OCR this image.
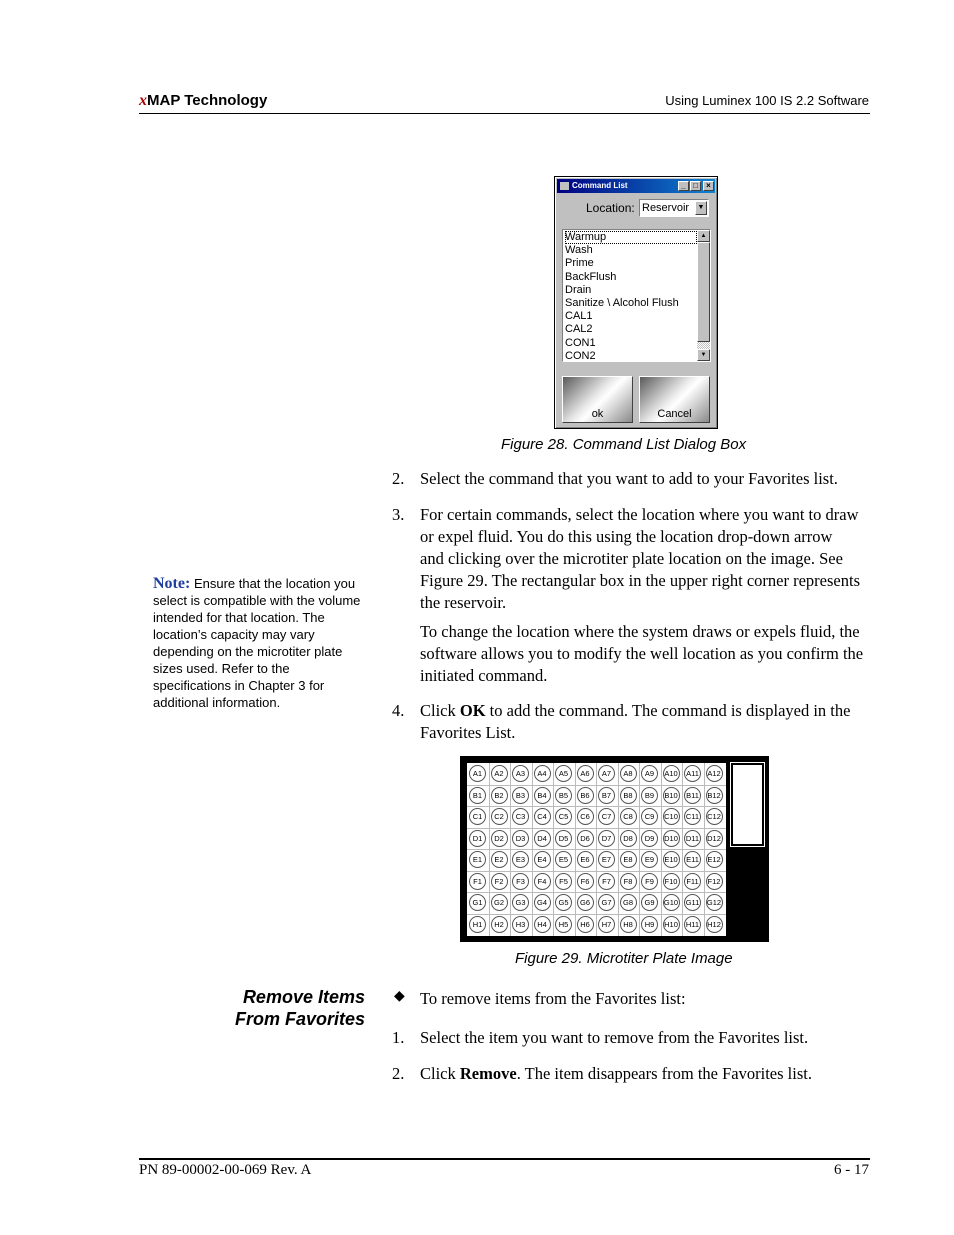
xMAP Technology	Using Luminex 100 IS 2.2 Software
Command List	_ □	×
Location: Reservoir	▼
Warmup
Wash
Prime
BackFlush
Drain
Sanitize \ Alcohol Flush
CAL1
CAL2
CON1
CON2
▲
▼
ok	Cancel
Figure 28. Command List Dialog Box
2. Select the command that you want to add to your Favorites list.
3. For certain commands, select the location where you want to draw or expel fluid. You do this using the location drop-down arrow and clicking over the microtiter plate location on the image. See Figure 29. The rectangular box in the upper right corner represents the reservoir.
To change the location where the system draws or expels fluid, the software allows you to modify the well location as you confirm the initiated command.
Note: Ensure that the location you select is compatible with the volume intended for that location. The location’s capacity may vary depending on the microtiter plate sizes used. Refer to the specifications in Chapter 3 for additional information.	4. Click OK to add the command. The command is displayed in the Favorites List.
A1	A2	A3	A4	A5	A6	A7	A8	A9	A10 A11 A12
B1	B2	B3	B4	B5	B6	B7	B8	B9	B10 B11 B12
C1	C2	C3	C4	C5	C6	C7	C8	C9	C10 C11 C12
D1	D2	D3	D4	D5	D6	D7	D8	D9	D10 D11 D12
E1	E2	E3	E4	E5	E6	E7	E8	E9	E10 E11 E12
F1	F2	F3	F4	F5	F6	F7	F8	F9	F10	F11	F12
G1	G2	G3	G4	G5	G6	G7	G8	G9	G10 G11 G12
H1	H2	H3	H4	H5	H6	H7	H8	H9	H10 H11 H12
Figure 29. Microtiter Plate Image
Remove Items
From Favorites
◆ To remove items from the Favorites list:
1. Select the item you want to remove from the Favorites list.
2. Click Remove. The item disappears from the Favorites list.
PN 89-00002-00-069 Rev. A	6 - 17
